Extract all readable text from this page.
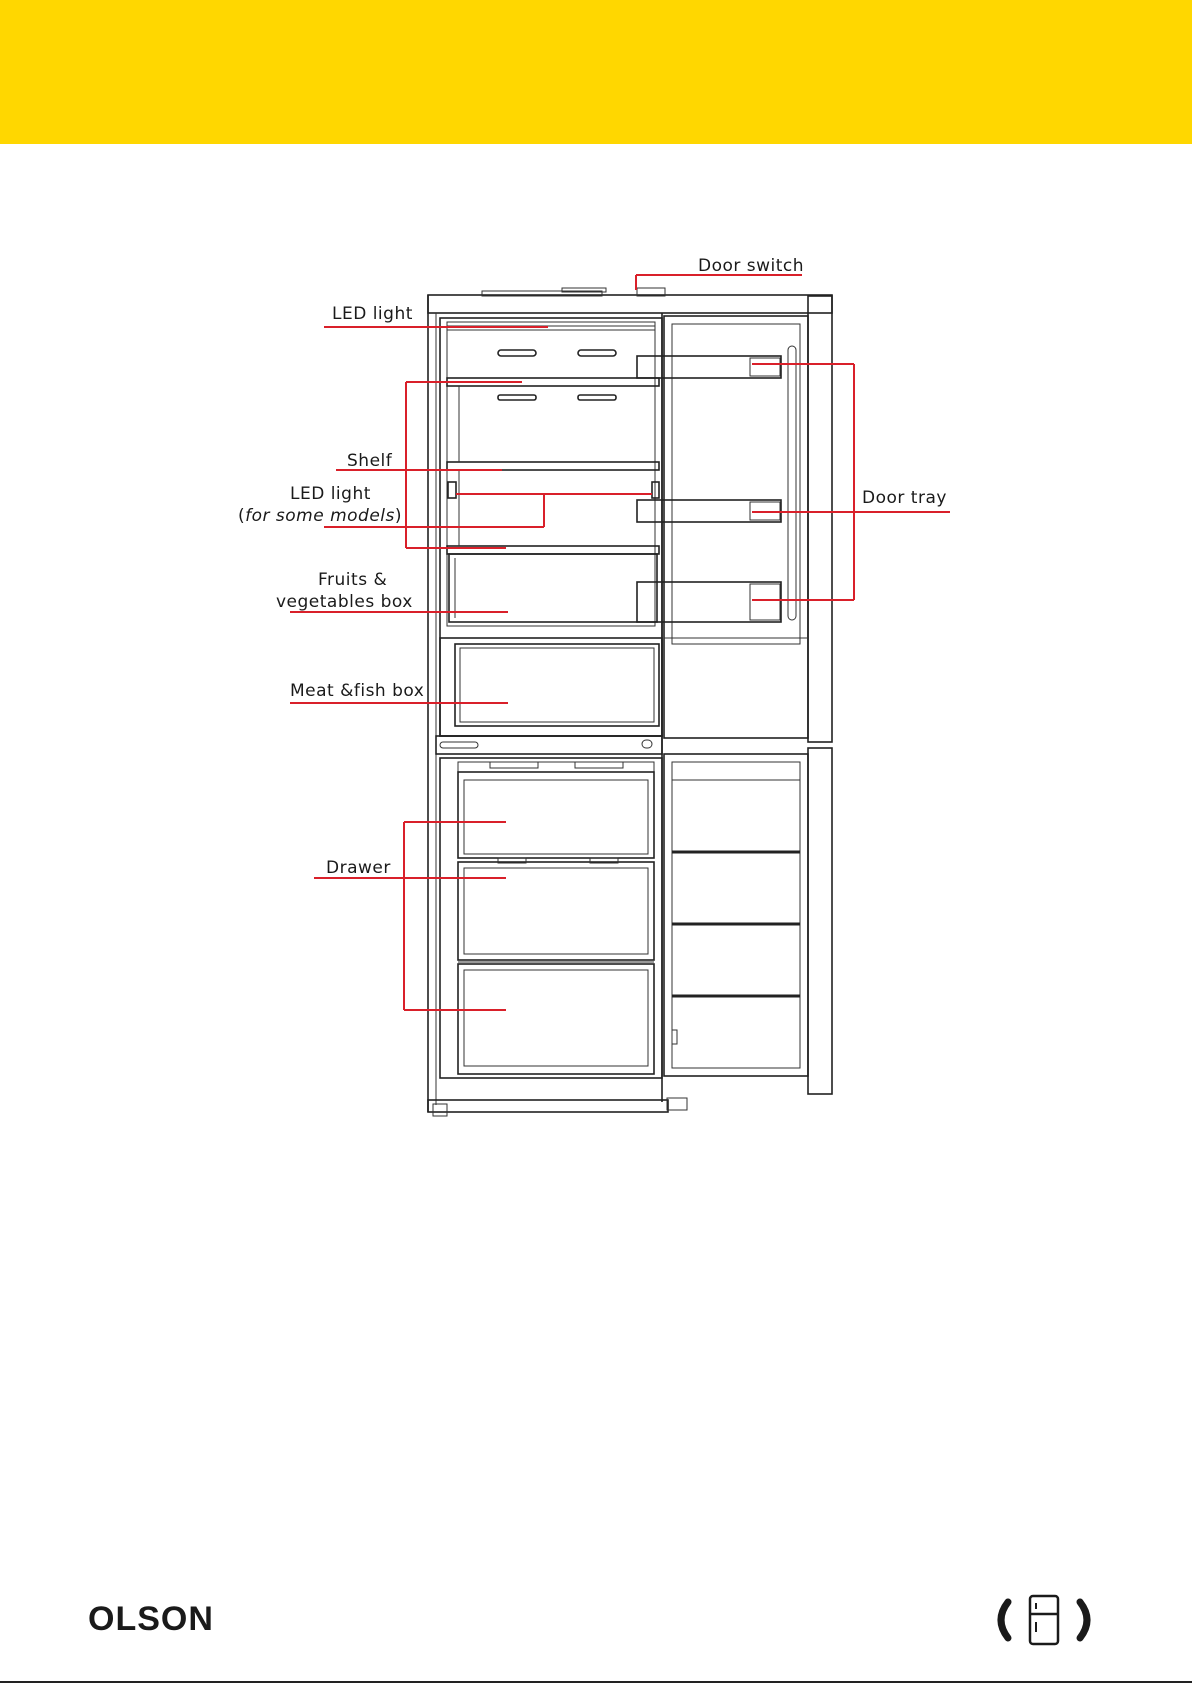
Door switch
LED light
Shelf
LED light
(for some models)
Fruits &
vegetables box
Meat &fish box
Drawer
Door tray
OLSON
